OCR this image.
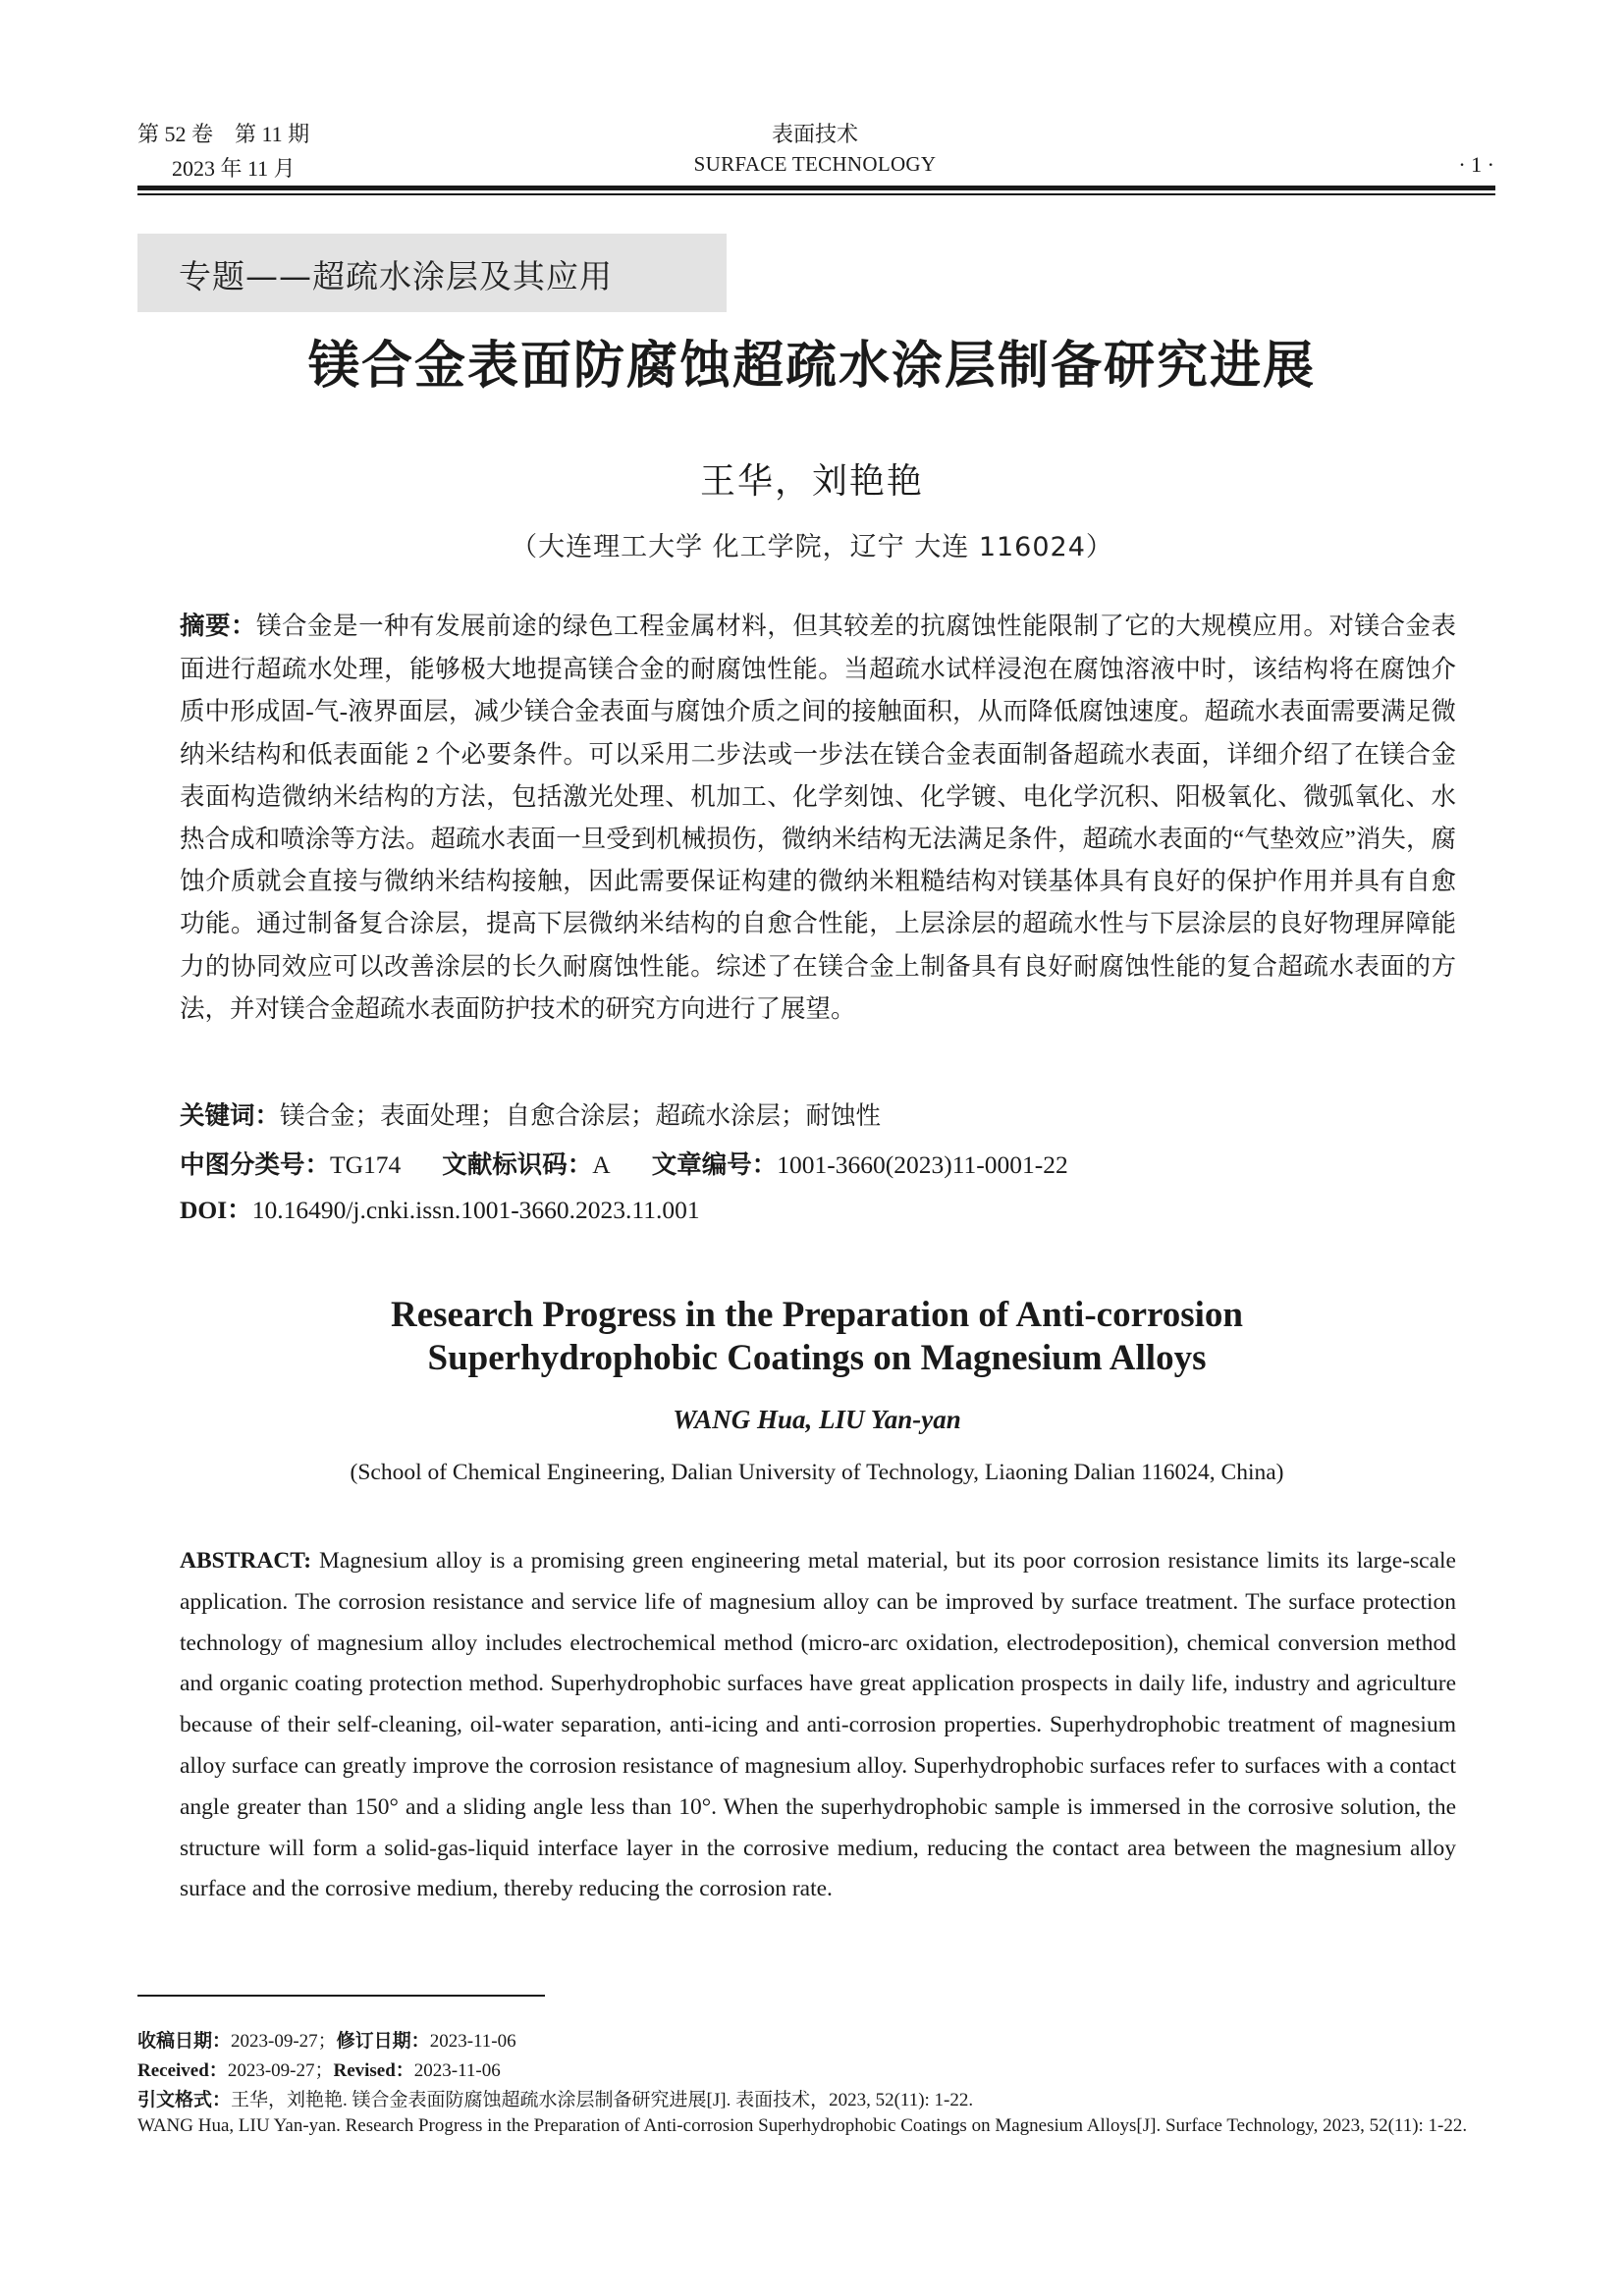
第 52 卷　第 11 期
2023 年 11 月
表面技术
SURFACE TECHNOLOGY	· 1 ·
专题——超疏水涂层及其应用
镁合金表面防腐蚀超疏水涂层制备研究进展
王华，刘艳艳
（大连理工大学 化工学院，辽宁 大连 116024）
摘要：镁合金是一种有发展前途的绿色工程金属材料，但其较差的抗腐蚀性能限制了它的大规模应用。对镁合金表面进行超疏水处理，能够极大地提高镁合金的耐腐蚀性能。当超疏水试样浸泡在腐蚀溶液中时，该结构将在腐蚀介质中形成固-气-液界面层，减少镁合金表面与腐蚀介质之间的接触面积，从而降低腐蚀速度。超疏水表面需要满足微纳米结构和低表面能 2 个必要条件。可以采用二步法或一步法在镁合金表面制备超疏水表面，详细介绍了在镁合金表面构造微纳米结构的方法，包括激光处理、机加工、化学刻蚀、化学镀、电化学沉积、阳极氧化、微弧氧化、水热合成和喷涂等方法。超疏水表面一旦受到机械损伤，微纳米结构无法满足条件，超疏水表面的“气垫效应”消失，腐蚀介质就会直接与微纳米结构接触，因此需要保证构建的微纳米粗糙结构对镁基体具有良好的保护作用并具有自愈功能。通过制备复合涂层，提高下层微纳米结构的自愈合性能，上层涂层的超疏水性与下层涂层的良好物理屏障能力的协同效应可以改善涂层的长久耐腐蚀性能。综述了在镁合金上制备具有良好耐腐蚀性能的复合超疏水表面的方法，并对镁合金超疏水表面防护技术的研究方向进行了展望。
关键词：镁合金；表面处理；自愈合涂层；超疏水涂层；耐蚀性
中图分类号：TG174 文献标识码：A 文章编号：1001-3660(2023)11-0001-22
DOI：10.16490/j.cnki.issn.1001-3660.2023.11.001
Research Progress in the Preparation of Anti-corrosion
Superhydrophobic Coatings on Magnesium Alloys
WANG Hua, LIU Yan-yan
(School of Chemical Engineering, Dalian University of Technology, Liaoning Dalian 116024, China)
ABSTRACT: Magnesium alloy is a promising green engineering metal material, but its poor corrosion resistance limits its large-scale application. The corrosion resistance and service life of magnesium alloy can be improved by surface treatment. The surface protection technology of magnesium alloy includes electrochemical method (micro-arc oxidation, electrodeposition), chemical conversion method and organic coating protection method. Superhydrophobic surfaces have great application prospects in daily life, industry and agriculture because of their self-cleaning, oil-water separation, anti-icing and anti-corrosion properties. Superhydrophobic treatment of magnesium alloy surface can greatly improve the corrosion resistance of magnesium alloy. Superhydrophobic surfaces refer to surfaces with a contact angle greater than 150° and a sliding angle less than 10°. When the superhydrophobic sample is immersed in the corrosive solution, the structure will form a solid-gas-liquid interface layer in the corrosive medium, reducing the contact area between the magnesium alloy surface and the corrosive medium, thereby reducing the corrosion rate.
收稿日期：2023-09-27；修订日期：2023-11-06
Received：2023-09-27；Revised：2023-11-06
引文格式：王华，刘艳艳. 镁合金表面防腐蚀超疏水涂层制备研究进展[J]. 表面技术，2023, 52(11): 1-22.
WANG Hua, LIU Yan-yan. Research Progress in the Preparation of Anti-corrosion Superhydrophobic Coatings on Magnesium Alloys[J]. Surface Technology, 2023, 52(11): 1-22.
